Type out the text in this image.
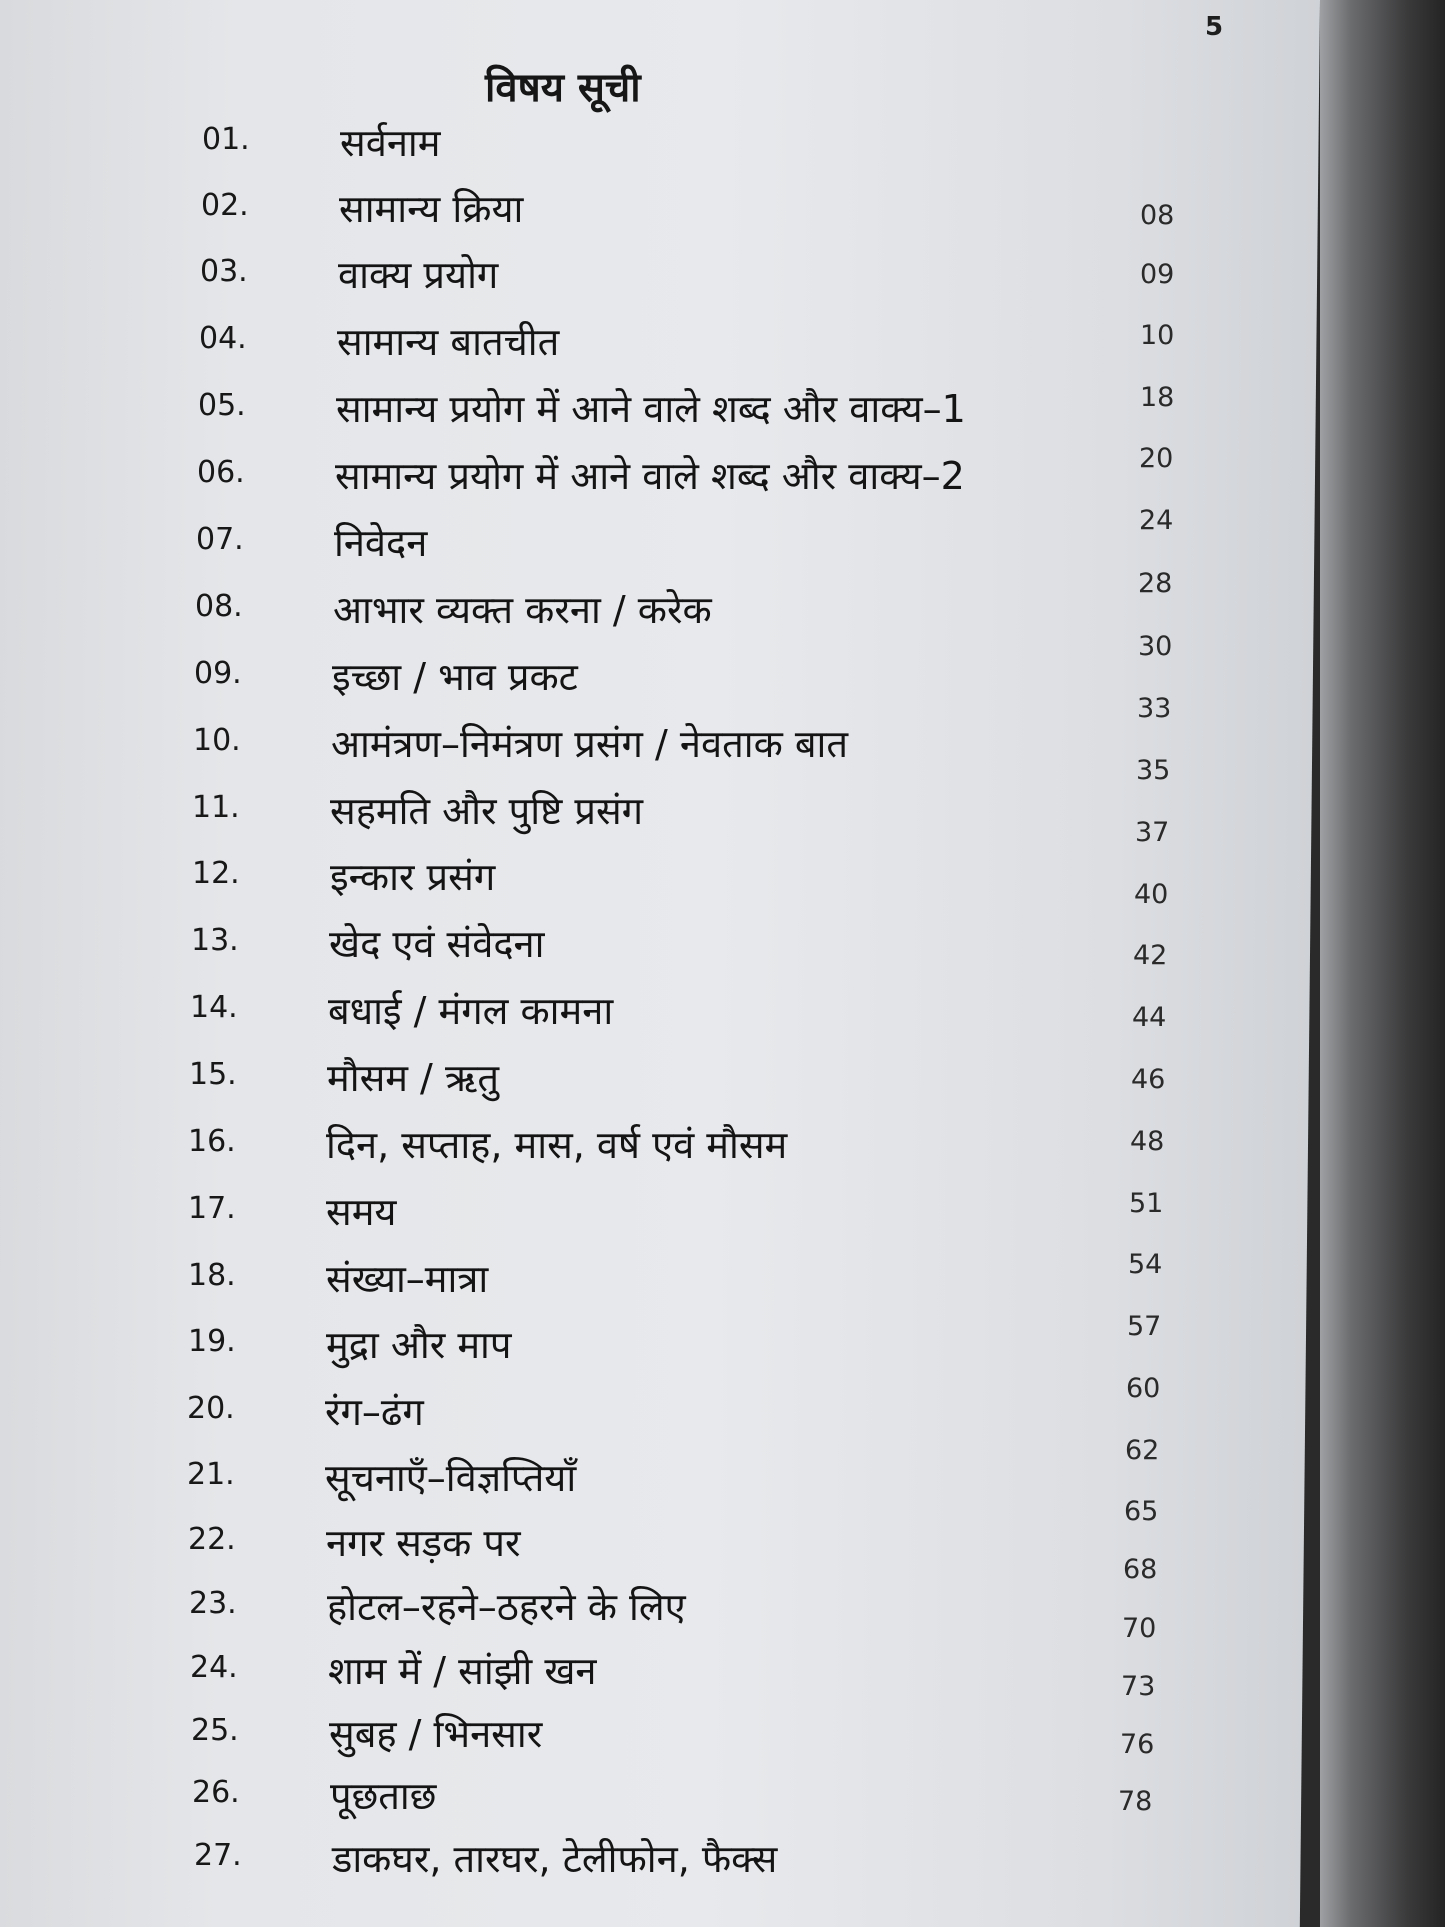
5
विषय सूची
01. सर्वनाम
02. सामान्य क्रिया
03. वाक्य प्रयोग
04. सामान्य बातचीत
05. सामान्य प्रयोग में आने वाले शब्द और वाक्य–1
06. सामान्य प्रयोग में आने वाले शब्द और वाक्य–2
07. निवेदन
08. आभार व्यक्त करना / करेक
09. इच्छा / भाव प्रकट
10. आमंत्रण–निमंत्रण प्रसंग / नेवताक बात
11. सहमति और पुष्टि प्रसंग
12. इन्कार प्रसंग
13. खेद एवं संवेदना
14. बधाई / मंगल कामना
15. मौसम / ऋतु
16. दिन, सप्ताह, मास, वर्ष एवं मौसम
17. समय
18. संख्या–मात्रा
19. मुद्रा और माप
20. रंग–ढंग
21. सूचनाएँ–विज्ञप्तियाँ
22. नगर सड़क पर
23. होटल–रहने–ठहरने के लिए
24. शाम में / सांझी खन
25. सुबह / भिनसार
26. पूछताछ
27. डाकघर, तारघर, टेलीफोन, फैक्स
08
09
10
18
20
24
28
30
33
35
37
40
42
44
46
48
51
54
57
60
62
65
68
70
73
76
78
